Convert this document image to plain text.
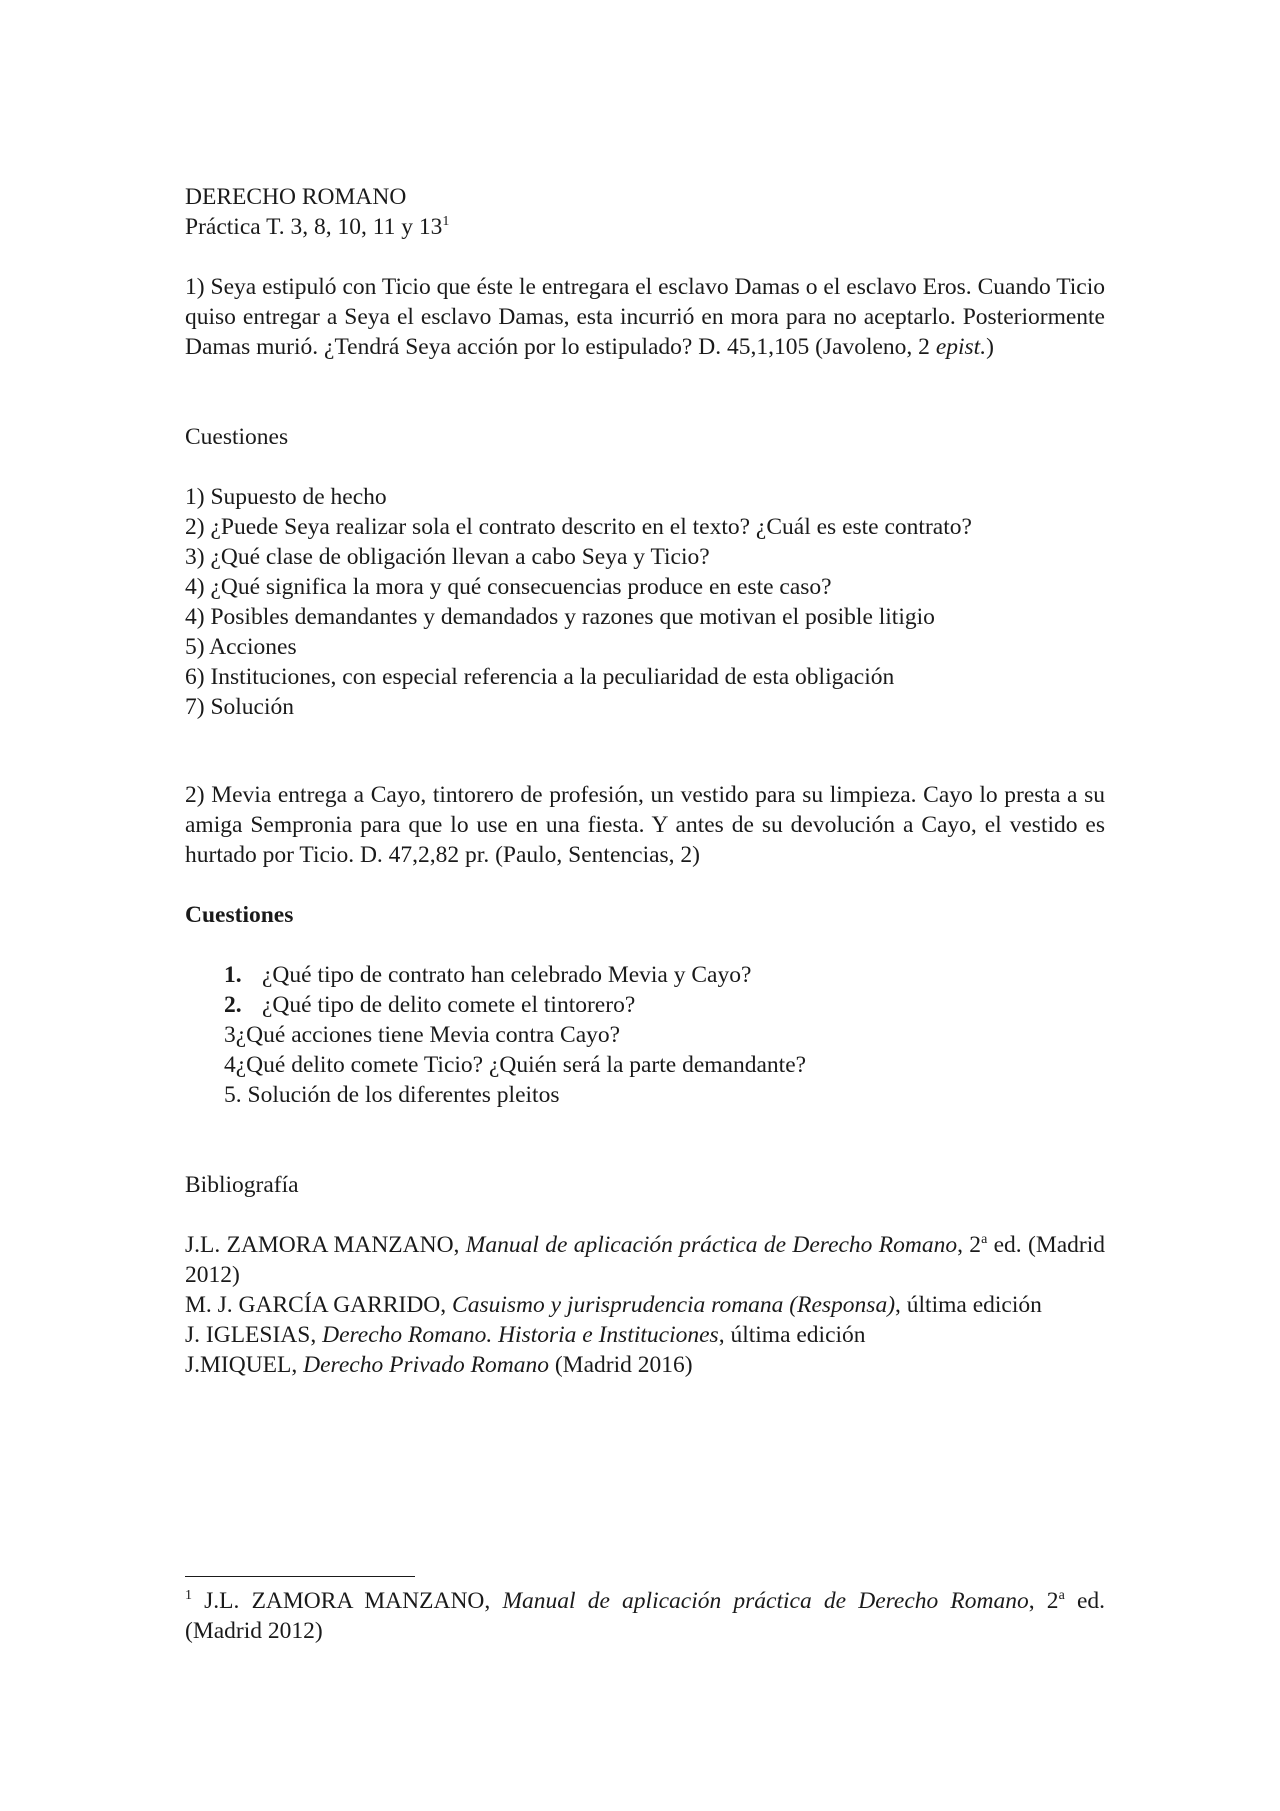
DERECHO ROMANO
Práctica T. 3, 8, 10, 11 y $13^1$

1) Seya estipuló con Ticio que éste le entregara el esclavo Damas o el esclavo Eros. Cuando Ticio quiso entregar a Seya el esclavo Damas, esta incurrió en mora para no aceptarlo. Posteriormente Damas murió. ¿Tendrá Seya acción por lo estipulado? D. 45,1,105 (Javoleno, 2 epist.)

Cuestiones

1) Supuesto de hecho
2) ¿Puede Seya realizar sola el contrato descrito en el texto? ¿Cuál es este contrato?
3) ¿Qué clase de obligación llevan a cabo Seya y Ticio?
4) ¿Qué significa la mora y qué consecuencias produce en este caso?
4) Posibles demandantes y demandados y razones que motivan el posible litigio
5) Acciones
6) Instituciones, con especial referencia a la peculiaridad de esta obligación
7) Solución

2) Mevia entrega a Cayo, tintorero de profesión, un vestido para su limpieza. Cayo lo presta a su amiga Sempronia para que lo use en una fiesta. Y antes de su devolución a Cayo, el vestido es hurtado por Ticio. D. 47,2,82 pr. (Paulo, Sentencias, 2)

Cuestiones

1. ¿Qué tipo de contrato han celebrado Mevia y Cayo?
2. ¿Qué tipo de delito comete el tintorero?
3¿Qué acciones tiene Mevia contra Cayo?
4¿Qué delito comete Ticio? ¿Quién será la parte demandante?
5. Solución de los diferentes pleitos

Bibliografía

J.L. ZAMORA MANZANO, Manual de aplicación práctica de Derecho Romano, 2$^a$ ed. (Madrid 2012)
M. J. GARCÍA GARRIDO, Casuismo y jurisprudencia romana (Responsa), última edición
J. IGLESIAS, Derecho Romano. Historia e Instituciones, última edición
J.MIQUEL, Derecho Privado Romano (Madrid 2016)
$^1$ J.L. ZAMORA MANZANO, Manual de aplicación práctica de Derecho Romano, 2$^a$ ed. (Madrid 2012)
